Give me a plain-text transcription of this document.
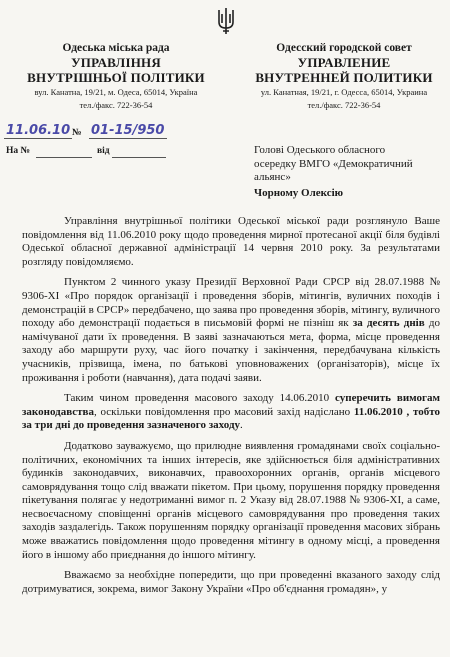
Одеська міська рада
УПРАВЛІННЯ
ВНУТРІШНЬОЇ ПОЛІТИКИ
вул. Канатна, 19/21, м. Одеса, 65014, Україна
тел./факс. 722-36-54
Одесский городской совет
УПРАВЛЕНИЕ
ВНУТРЕННЕЙ ПОЛИТИКИ
ул. Канатная, 19/21, г. Одесса, 65014, Украина
тел./факс. 722-36-54
11.06.10 № 01-15/950
На №	від	Голові Одеського обласного
осередку ВМГО «Демократичний
альянс»
Чорному Олексію

Управління внутрішньої політики Одеської міської ради розглянуло Ваше повідомлення від 11.06.2010 року щодо проведення мирної протесаної акції біля будівлі Одеської обласної державної адміністрації 14 червня 2010 року. За результатами розгляду повідомляємо.

Пунктом 2 чинного указу Президії Верховної Ради СРСР від 28.07.1988 № 9306-XI «Про порядок організації і проведення зборів, мітингів, вуличних походів і демонстрацій в СРСР» передбачено, що заява про проведення зборів, мітингу, вуличного походу або демонстрації подається в письмовій формі не пізніш як за десять днів до намічуваної дати їх проведення. В заяві зазначаються мета, форма, місце проведення заходу або маршрути руху, час його початку і закінчення, передбачувана кількість учасників, прізвища, імена, по батькові уповноважених (організаторів), місце їх проживання і роботи (навчання), дата подачі заяви.

Таким чином проведення масового заходу 14.06.2010 суперечить вимогам законодавства, оскільки повідомлення про масовий захід надіслано 11.06.2010 , тобто за три дні до проведення зазначеного заходу.

Додатково зауважуємо, що прилюдне виявлення громадянами своїх соціально-політичних, економічних та інших інтересів, яке здійснюється біля адміністративних будинків законодавчих, виконавчих, правоохоронних органів, органів місцевого самоврядування тощо слід вважати пікетом. При цьому, порушення порядку проведення пікетування полягає у недотриманні вимог п. 2 Указу від 28.07.1988 № 9306-XI, а саме, несвоєчасному сповіщенні органів місцевого самоврядування про проведення таких заходів заздалегідь. Також порушенням порядку організації проведення масових зібрань може вважатись повідомлення щодо проведення мітингу в одному місці, а проведення його в іншому або приєднання до іншого мітингу.

Вважаємо за необхідне попередити, що при проведенні вказаного заходу слід дотримуватися, зокрема, вимог Закону України «Про об'єднання громадян», у
